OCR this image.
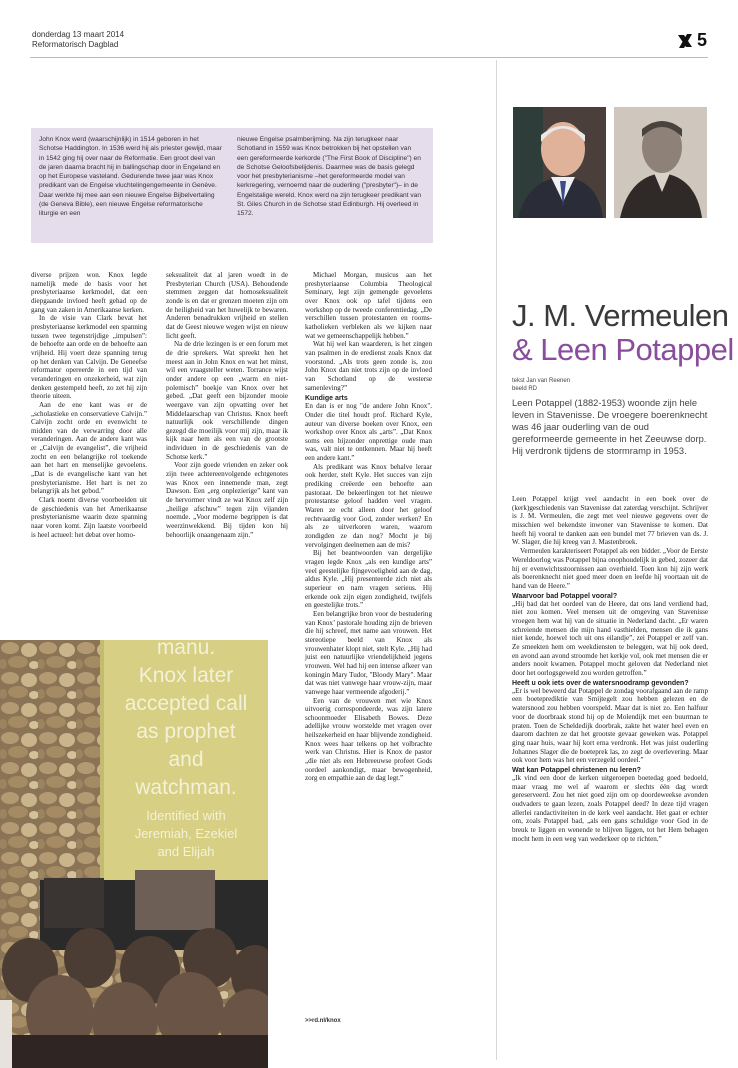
donderdag 13 maart 2014
Reformatorisch Dagblad	5

John Knox werd (waarschijnlijk) in 1514 geboren in het Schotse Haddington. In 1536 werd hij als priester gewijd, maar in 1542 ging hij over naar de Reformatie. Een groot deel van de jaren daarna bracht hij in ballingschap door in Engeland en op het Europese vasteland. Gedurende twee jaar was Knox predikant van de Engelse vluchtelingengemeente in Genève. Daar werkte hij mee aan een nieuwe Engelse Bijbelvertaling (de Geneva Bible), een nieuwe Engelse reformatorische liturgie en een

nieuwe Engelse psalmberijming. Na zijn terugkeer naar Schotland in 1559 was Knox betrokken bij het opstellen van een gereformeerde kerkorde ("The First Book of Discipline") en de Schotse Geloofsbelijdenis. Daarmee was de basis gelegd voor het presbyterianisme –het gereformeerde model van kerkregering, vernoemd naar de ouderling ("presbyter")– in de Engelstalige wereld. Knox werd na zijn terugkeer predikant van St. Giles Church in de Schotse stad Edinburgh. Hij overleed in 1572.

diverse prijzen won. Knox legde namelijk mede de basis voor het presbyteriaanse kerkmodel, dat een diepgaande invloed heeft gehad op de gang van zaken in Amerikaanse kerken.

In de visie van Clark bevat het presbyteriaanse kerkmodel een spanning tussen twee tegenstrijdige „impulsen”: de behoefte aan orde en de behoefte aan vrijheid. Hij voert deze spanning terug op het denken van Calvijn. De Geneefse reformator opereerde in een tijd van veranderingen en onzekerheid, wat zijn denken gestempeld heeft, zo zet hij zijn theorie uiteen.

Aan de ene kant was er de „scholastieke en conservatieve Calvijn.” Calvijn zocht orde en evenwicht te midden van de verwarring door alle veranderingen. Aan de andere kant was er „Calvijn de evangelist”, die vrijheid zocht en een belangrijke rol toekende aan het hart en menselijke gevoelens. „Dat is de evangelische kant van het presbyterianisme. Het hart is net zo belangrijk als het gebod.”

Clark noemt diverse voorbeelden uit de geschiedenis van het Amerikaanse presbyterianisme waarin deze spanning naar voren komt. Zijn laatste voorbeeld is heel actueel: het debat over homo-

seksualiteit dat al jaren woedt in de Presbyterian Church (USA). Behoudende stemmen zeggen dat homoseksualiteit zonde is en dat er grenzen moeten zijn om de heiligheid van het huwelijk te bewaren. Anderen benadrukken vrijheid en stellen dat de Geest nieuwe wegen wijst en nieuw licht geeft.

Na de drie lezingen is er een forum met de drie sprekers. Wat spreekt hen het meest aan in John Knox en wat het minst, wil een vraagsteller weten. Torrance wijst onder andere op een „warm en niet-polemisch” boekje van Knox over het gebed. „Dat geeft een bijzonder mooie weergave van zijn opvatting over het Middelaarschap van Christus. Knox heeft natuurlijk ook verschillende dingen gezegd die moeilijk voor mij zijn, maar ik kijk naar hem als een van de grootste individuen in de geschiedenis van de Schotse kerk.”

Voor zijn goede vrienden en zeker ook zijn twee achtereenvolgende echtgenotes was Knox een innemende man, zegt Dawson. Een „erg onplezierige” kant van de hervormer vindt ze wat Knox zelf zijn „heilige afschuw” tegen zijn vijanden noemde. „Voor moderne begrippen is dat weerzinwekkend. Bij tijden kon hij behoorlijk onaangenaam zijn.”

Michael Morgan, musicus aan het presbyteriaanse Columbia Theological Seminary, legt zijn gemengde gevoelens over Knox ook op tafel tijdens een workshop op de tweede conferentiedag. „De verschillen tussen protestanten en rooms-katholieken verbleken als we kijken naar wat we gemeenschappelijk hebben.”

Wat hij wel kan waarderen, is het zingen van psalmen in de eredienst zoals Knox dat voorstond. „Als trots geen zonde is, zou John Knox dan niet trots zijn op de invloed van Schotland op de westerse samenleving?”

Kundige arts

En dan is er nog "de andere John Knox". Onder die titel houdt prof. Richard Kyle, auteur van diverse boeken over Knox, een workshop over Knox als „arts”. „Dat Knox soms een bijzonder onprettige oude man was, valt niet te ontkennen. Maar hij heeft een andere kant.”

Als predikant was Knox behalve leraar ook herder, stelt Kyle. Het succes van zijn prediking creëerde een behoefte aan pastoraat. De bekeerlingen tot het nieuwe protestantse geloof hadden veel vragen. Waren ze echt alleen door het geloof rechtvaardig voor God, zonder werken? En als ze uitverkoren waren, waarom zondigden ze dan nog? Mocht je bij vervolgingen deelnemen aan de mis?

Bij het beantwoorden van dergelijke vragen legde Knox „als een kundige arts” veel geestelijke fijngevoeligheid aan de dag, aldus Kyle. „Hij presenteerde zich niet als superieur en nam vragen serieus. Hij erkende ook zijn eigen zondigheid, twijfels en geestelijke trots.”

Een belangrijke bron voor de bestudering van Knox’ pastorale houding zijn de brieven die hij schreef, met name aan vrouwen. Het stereotiepe beeld van Knox als vrouwenhater klopt niet, stelt Kyle. „Hij had juist een natuurlijke vriendelijkheid jegens vrouwen. Wel had hij een intense afkeer van koningin Mary Tudor, "Bloody Mary". Maar dat was niet vanwege haar vrouw-zijn, maar vanwege haar vermeende afgoderij.”

Een van de vrouwen met wie Knox uitvoerig correspondeerde, was zijn latere schoonmoeder Elisabeth Bowes. Deze adellijke vrouw worstelde met vragen over heilszekerheid en haar blijvende zondigheid. Knox wees haar telkens op het volbrachte werk van Christus. Hier is Knox de pastor „die niet als een Hebreeuwse profeet Gods oordeel aankondigt, maar bewogenheid, zorg en empathie aan de dag legt.”

>>rd.nl/knox
manu.
Knox later
accepted call
as prophet
and
watchman.
Identified with
Jeremiah, Ezekiel
and Elijah
J. M. Vermeulen
& Leen Potappel
tekst Jan van Reenen
beeld RD

Leen Potappel (1882-1953) woonde zijn hele leven in Stavenisse. De vroegere boerenknecht was 46 jaar ouderling van de oud gereformeerde gemeente in het Zeeuwse dorp. Hij verdronk tijdens de stormramp in 1953.

Leen Potappel krijgt veel aandacht in een boek over de (kerk)geschiedenis van Stavenisse dat zaterdag verschijnt. Schrijver is J. M. Vermeulen, die zegt met veel nieuwe gegevens over de misschien wel bekendste inwoner van Stavenisse te komen. Dat heeft hij vooral te danken aan een bundel met 77 brieven van ds. J. W. Slager, die hij kreeg van J. Mastenbroek.

Vermeulen karakteriseert Potappel als een bidder. „Voor de Eerste Wereldoorlog was Potappel bijna onophoudelijk in gebed, zozeer dat hij er evenwichtsstoornissen aan overhield. Toen kon hij zijn werk als boerenknecht niet goed meer doen en leefde hij voortaan uit de hand van de Heere.”

Waarvoor bad Potappel vooral?

„Hij bad dat het oordeel van de Heere, dat ons land verdiend had, niet zou komen. Veel mensen uit de omgeving van Stavenisse vroegen hem wat hij van de situatie in Nederland dacht. „Er waren schreiende mensen die mijn hand vasthielden, mensen die ik gans niet kende, hoewel toch uit ons eilandje”, zei Potappel er zelf van. Ze smeekten hem om weekdiensten te beleggen, wat hij ook deed, en avond aan avond stroomde het kerkje vol, ook met mensen die er anders nooit kwamen. Potappel mocht geloven dat Nederland niet door het oorlogsgeweld zou worden getroffen.”

Heeft u ook iets over de watersnoodramp gevonden?

„Er is wel beweerd dat Potappel de zondag voorafgaand aan de ramp een boeteprediktie van Smijtegelt zou hebben gelezen en de watersnood zou hebben voorspeld. Maar dat is niet zo. Een halfuur voor de doorbraak stond hij op de Molendijk met een buurman te praten. Toen de Scheldedijk doorbrak, zakte het water heel even en daarom dachten ze dat het grootste gevaar geweken was. Potappel ging naar huis, waar hij kort erna verdronk. Het was juist ouderling Johannes Slager die de boeteprek las, zo zegt de overlevering. Maar ook voor hem was het een verzegeld oordeel.”

Wat kan Potappel christenen nu leren?

„Ik vind een door de kerken uitgeroepen boetedag goed bedoeld, maar vraag me wel af waarom er slechts één dag wordt gereserveerd. Zou het niet goed zijn om op doordeweekse avonden oudvaders te gaan lezen, zoals Potappel deed? In deze tijd vragen allerlei randactiviteiten in de kerk veel aandacht. Het gaat er echter om, zoals Potappel bad, „als een gans schuldige voor God in de breuk te liggen en wenende te blijven liggen, tot het Hem behagen mocht hem in een weg van wederkeer op te richten.”
